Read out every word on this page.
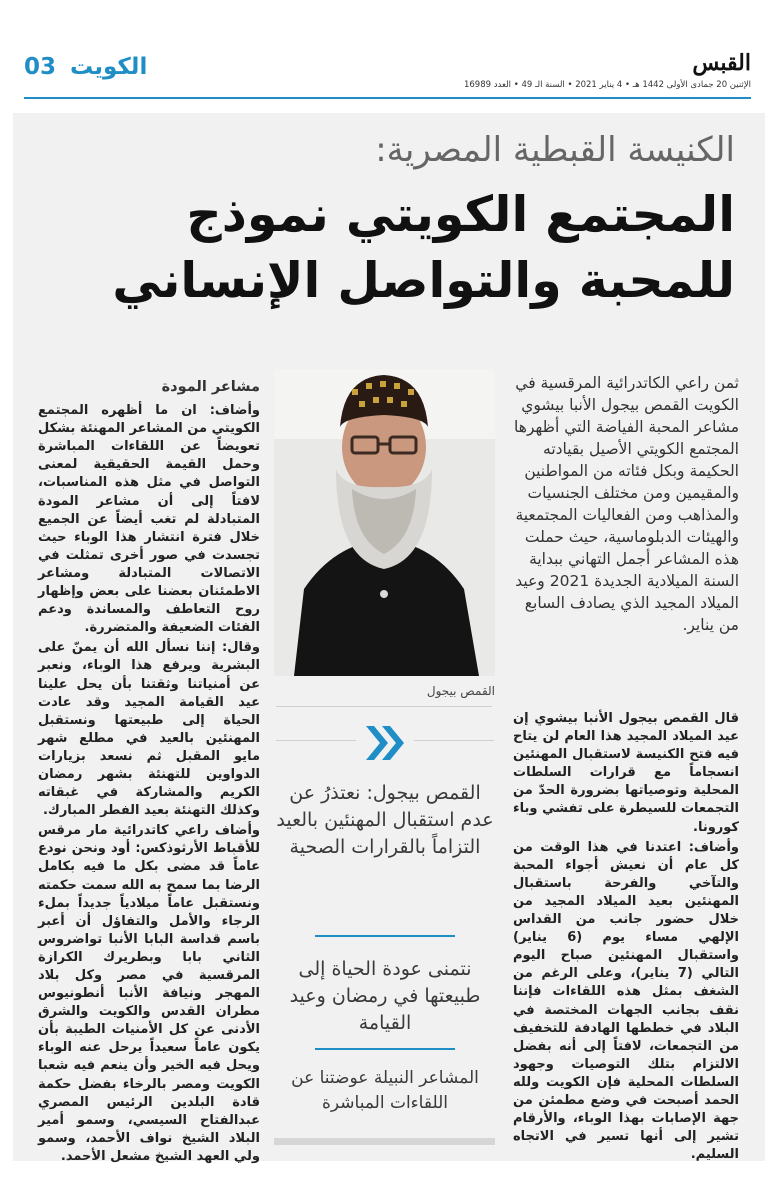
الكويت 03	القبس
الإثنين 20 جمادى الأولى 1442 هـ • 4 يناير 2021 • السنة الـ 49 • العدد 16989
الكنيسة القبطية المصرية:
المجتمع الكويتي نموذج للمحبة والتواصل الإنساني

ثمن راعي الكاتدرائية المرقسية في الكويت القمص بيجول الأنبا بيشوي مشاعر المحبة الفياضة التي أظهرها المجتمع الكويتي الأصيل بقيادته الحكيمة وبكل فئاته من المواطنين والمقيمين ومن مختلف الجنسيات والمذاهب ومن الفعاليات المجتمعية والهيئات الدبلوماسية، حيث حملت هذه المشاعر أجمل التهاني ببداية السنة الميلادية الجديدة 2021 وعيد الميلاد المجيد الذي يصادف السابع من يناير.

قال القمص بيجول الأنبا بيشوي إن عيد الميلاد المجيد هذا العام لن يتاح فيه فتح الكنيسة لاستقبال المهنئين انسجاماً مع قرارات السلطات المحلية وتوصياتها بضرورة الحدّ من التجمعات للسيطرة على تفشي وباء كورونا.

وأضاف: اعتدنا في هذا الوقت من كل عام أن نعيش أجواء المحبة والتآخي والفرحة باستقبال المهنئين بعيد الميلاد المجيد من خلال حضور جانب من القداس الإلهي مساء يوم (6 يناير) واستقبال المهنئين صباح اليوم التالي (7 يناير)، وعلى الرغم من الشغف بمثل هذه اللقاءات فإننا نقف بجانب الجهات المختصة في البلاد في خططها الهادفة للتخفيف من التجمعات، لافتاً إلى أنه بفضل الالتزام بتلك التوصيات وجهود السلطات المحلية فإن الكويت ولله الحمد أصبحت في وضع مطمئن من جهة الإصابات بهذا الوباء، والأرقام تشير إلى أنها تسير في الاتجاه السليم.

القمص بيجول
القمص بيجول: نعتذرُ عن عدم استقبال المهنئين بالعيد التزاماً بالقرارات الصحية
نتمنى عودة الحياة إلى طبيعتها في رمضان وعيد القيامة
المشاعر النبيلة عوضتنا عن اللقاءات المباشرة
مشاعر المودة

وأضاف: ان ما أظهره المجتمع الكويتي من المشاعر المهنئة بشكل تعويضاً عن اللقاءات المباشرة وحمل القيمة الحقيقية لمعنى التواصل في مثل هذه المناسبات، لافتاً إلى أن مشاعر المودة المتبادلة لم تغب أيضاً عن الجميع خلال فترة انتشار هذا الوباء حيث تجسدت في صور أخرى تمثلت في الاتصالات المتبادلة ومشاعر الاطمئنان بعضنا على بعض وإظهار روح التعاطف والمساندة ودعم الفئات الضعيفة والمتضررة.

وقال: إننا نسأل الله أن يمنّ على البشرية ويرفع هذا الوباء، ونعبر عن أمنياتنا وثقتنا بأن يحل علينا عيد القيامة المجيد وقد عادت الحياة إلى طبيعتها ونستقبل المهنئين بالعيد في مطلع شهر مايو المقبل ثم نسعد بزيارات الدواوين للتهنئة بشهر رمضان الكريم والمشاركة في غبقاته وكذلك التهنئة بعيد الفطر المبارك.

وأضاف راعي كاتدرائية مار مرقس للأقباط الأرثوذكس: أود ونحن نودع عاماً قد مضى بكل ما فيه بكامل الرضا بما سمح به الله سمت حكمته ونستقبل عاماً ميلادياً جديداً بملء الرجاء والأمل والتفاؤل أن أعبر باسم قداسة البابا الأنبا تواضروس الثاني بابا وبطريرك الكرازة المرقسية في مصر وكل بلاد المهجر ونيافة الأنبا أنطونيوس مطران القدس والكويت والشرق الأدنى عن كل الأمنيات الطيبة بأن يكون عاماً سعيداً يرحل عنه الوباء ويحل فيه الخير وأن ينعم فيه شعبا الكويت ومصر بالرخاء بفضل حكمة قادة البلدين الرئيس المصري عبدالفتاح السيسي، وسمو أمير البلاد الشيخ نواف الأحمد، وسمو ولي العهد الشيخ مشعل الأحمد.
